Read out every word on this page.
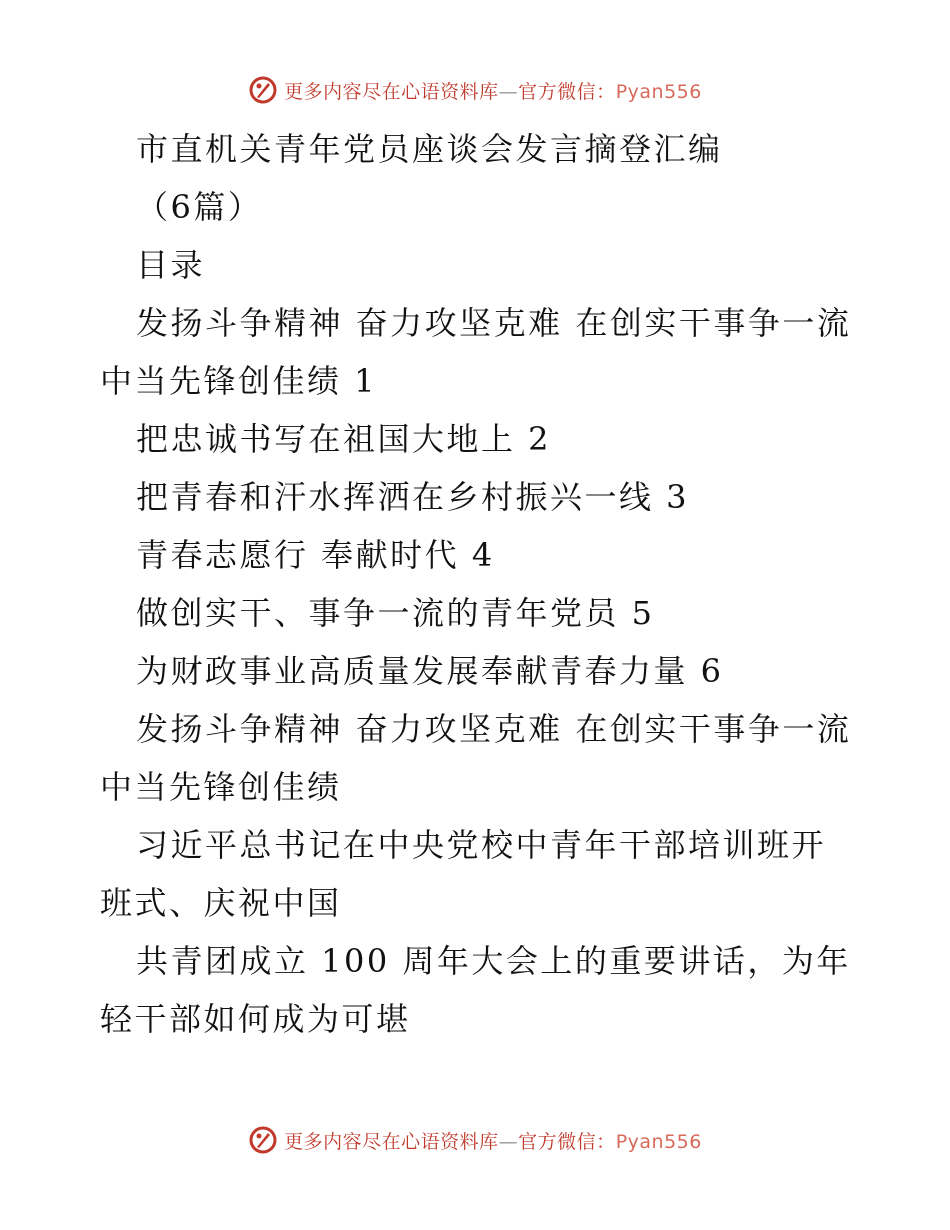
更多内容尽在心语资料库—官方微信：Pyan556

市直机关青年党员座谈会发言摘登汇编

（6篇）

目录

发扬斗争精神 奋力攻坚克难 在创实干事争一流中当先锋创佳绩 1

把忠诚书写在祖国大地上 2

把青春和汗水挥洒在乡村振兴一线 3

青春志愿行 奉献时代 4

做创实干、事争一流的青年党员 5

为财政事业高质量发展奉献青春力量 6

发扬斗争精神 奋力攻坚克难 在创实干事争一流中当先锋创佳绩

习近平总书记在中央党校中青年干部培训班开班式、庆祝中国

共青团成立 100 周年大会上的重要讲话，为年轻干部如何成为可堪

更多内容尽在心语资料库—官方微信：Pyan556
